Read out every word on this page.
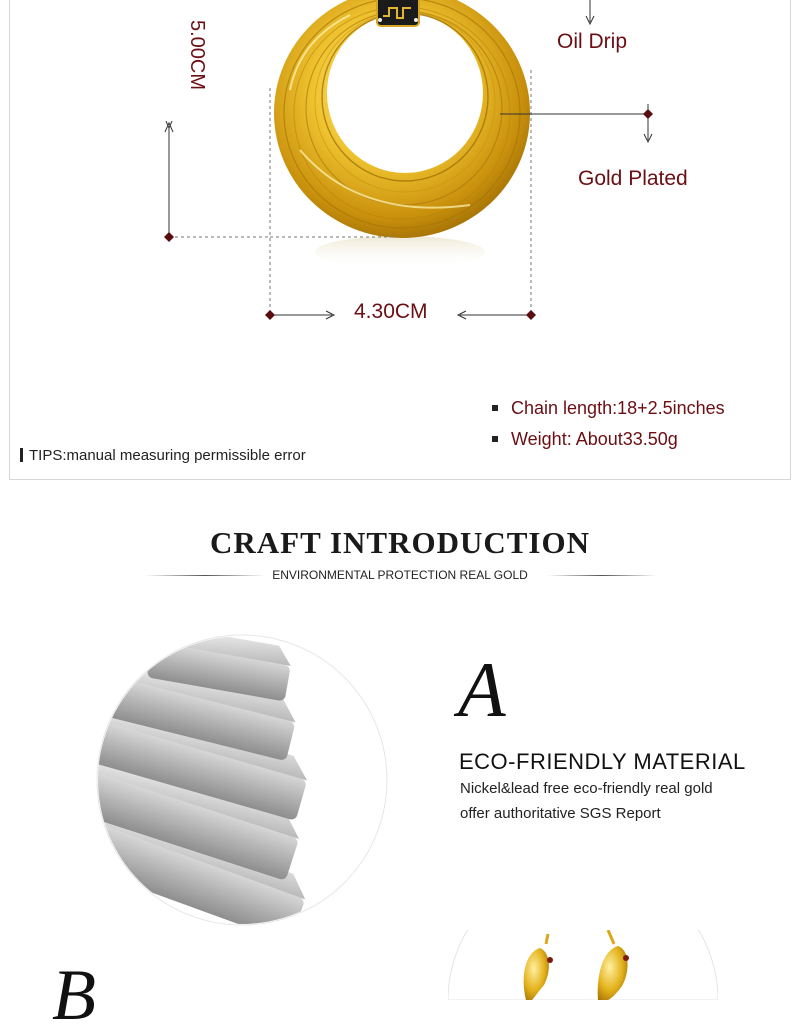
5.00CM
4.30CM
Oil Drip
Gold Plated
Chain length:18+2.5inches
Weight: About33.50g
TIPS:manual measuring permissible error
CRAFT INTRODUCTION
ENVIRONMENTAL PROTECTION REAL GOLD
A
ECO-FRIENDLY MATERIAL
Nickel&lead free eco-friendly real gold
offer authoritative SGS Report
B
